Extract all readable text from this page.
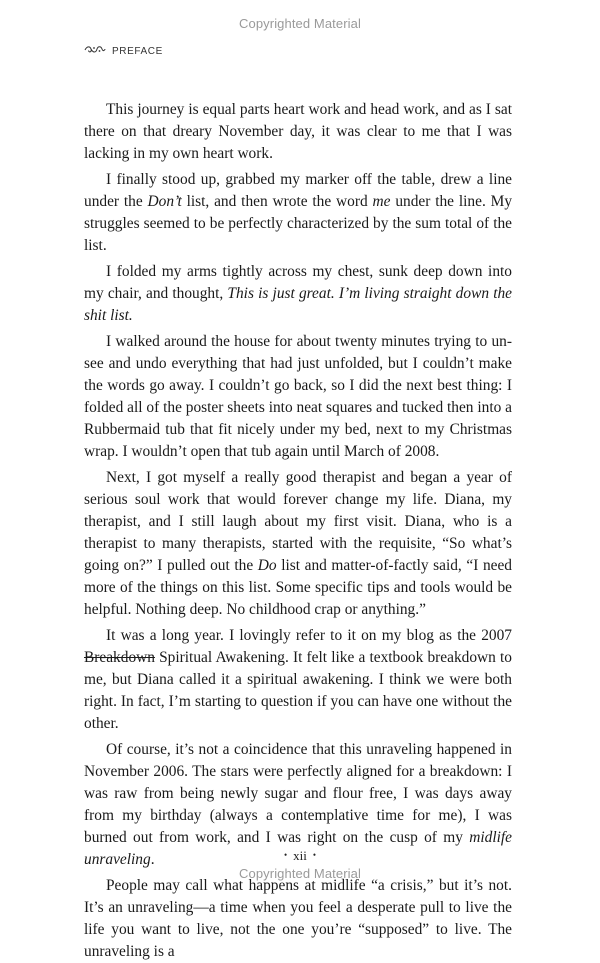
Copyrighted Material
PREFACE

This journey is equal parts heart work and head work, and as I sat there on that dreary November day, it was clear to me that I was lacking in my own heart work.

I finally stood up, grabbed my marker off the table, drew a line under the Don’t list, and then wrote the word me under the line. My struggles seemed to be perfectly characterized by the sum total of the list.

I folded my arms tightly across my chest, sunk deep down into my chair, and thought, This is just great. I’m living straight down the shit list.

I walked around the house for about twenty minutes trying to un-see and undo everything that had just unfolded, but I couldn’t make the words go away. I couldn’t go back, so I did the next best thing: I folded all of the poster sheets into neat squares and tucked then into a Rubbermaid tub that fit nicely under my bed, next to my Christmas wrap. I wouldn’t open that tub again until March of 2008.

Next, I got myself a really good therapist and began a year of serious soul work that would forever change my life. Diana, my therapist, and I still laugh about my first visit. Diana, who is a therapist to many therapists, started with the requisite, “So what’s going on?” I pulled out the Do list and matter-of-factly said, “I need more of the things on this list. Some specific tips and tools would be helpful. Nothing deep. No childhood crap or anything.”

It was a long year. I lovingly refer to it on my blog as the 2007 Breakdown Spiritual Awakening. It felt like a textbook breakdown to me, but Diana called it a spiritual awakening. I think we were both right. In fact, I’m starting to question if you can have one without the other.

Of course, it’s not a coincidence that this unraveling happened in November 2006. The stars were perfectly aligned for a breakdown: I was raw from being newly sugar and flour free, I was days away from my birthday (always a contemplative time for me), I was burned out from work, and I was right on the cusp of my midlife unraveling.

People may call what happens at midlife “a crisis,” but it’s not. It’s an unraveling—a time when you feel a desperate pull to live the life you want to live, not the one you’re “supposed” to live. The unraveling is a

• xii •
Copyrighted Material
